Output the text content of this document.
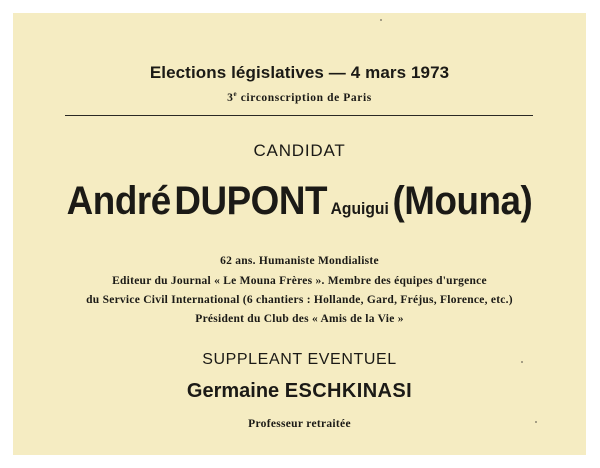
Elections législatives — 4 mars 1973
3e circonscription de Paris
CANDIDAT
André DUPONT Aguigui (Mouna)
62 ans. Humaniste Mondialiste
Editeur du Journal « Le Mouna Frères ». Membre des équipes d'urgence
du Service Civil International (6 chantiers : Hollande, Gard, Fréjus, Florence, etc.)
Président du Club des « Amis de la Vie »
SUPPLEANT EVENTUEL
Germaine ESCHKINASI
Professeur retraitée
